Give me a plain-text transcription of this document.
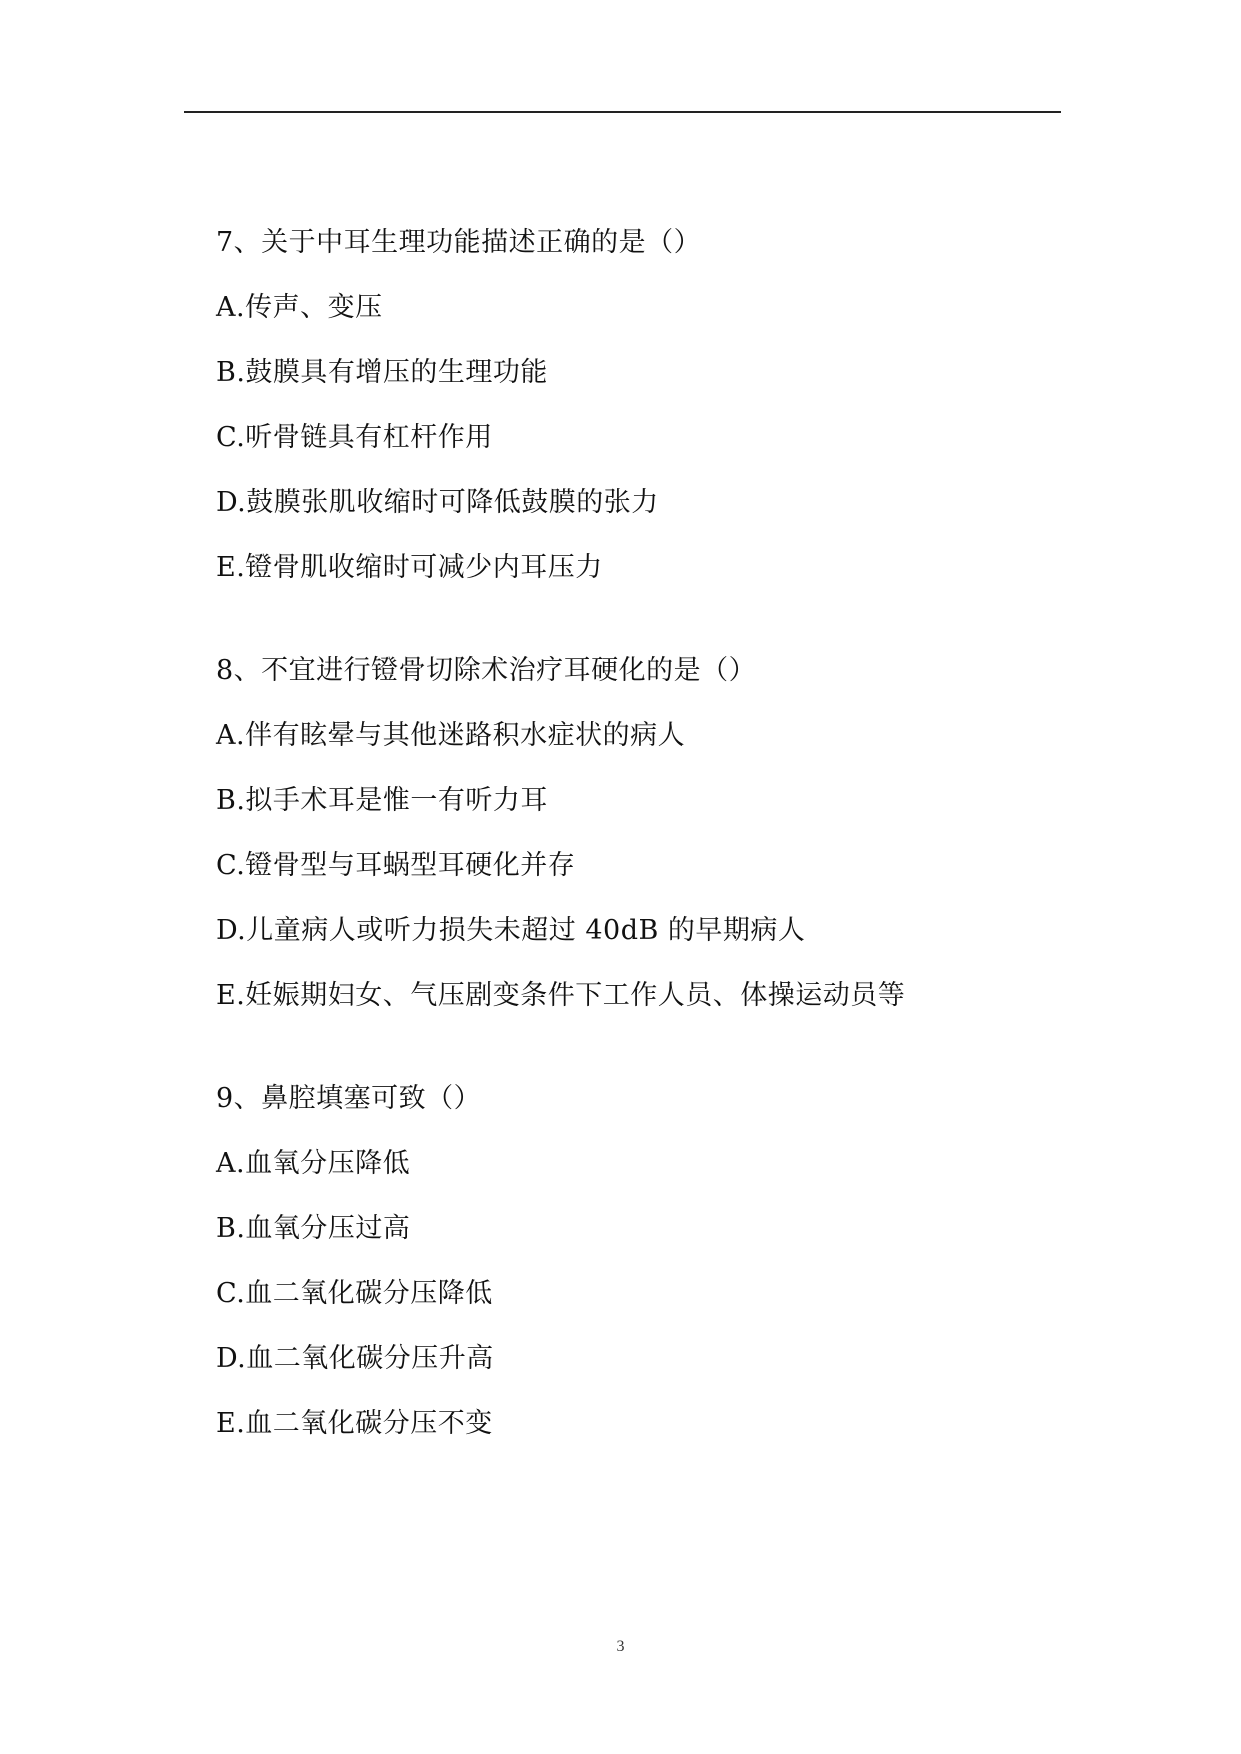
7、关于中耳生理功能描述正确的是（）
A.传声、变压
B.鼓膜具有增压的生理功能
C.听骨链具有杠杆作用
D.鼓膜张肌收缩时可降低鼓膜的张力
E.镫骨肌收缩时可减少内耳压力
8、不宜进行镫骨切除术治疗耳硬化的是（）
A.伴有眩晕与其他迷路积水症状的病人
B.拟手术耳是惟一有听力耳
C.镫骨型与耳蜗型耳硬化并存
D.儿童病人或听力损失未超过 40dB 的早期病人
E.妊娠期妇女、气压剧变条件下工作人员、体操运动员等
9、鼻腔填塞可致（）
A.血氧分压降低
B.血氧分压过高
C.血二氧化碳分压降低
D.血二氧化碳分压升高
E.血二氧化碳分压不变
3
